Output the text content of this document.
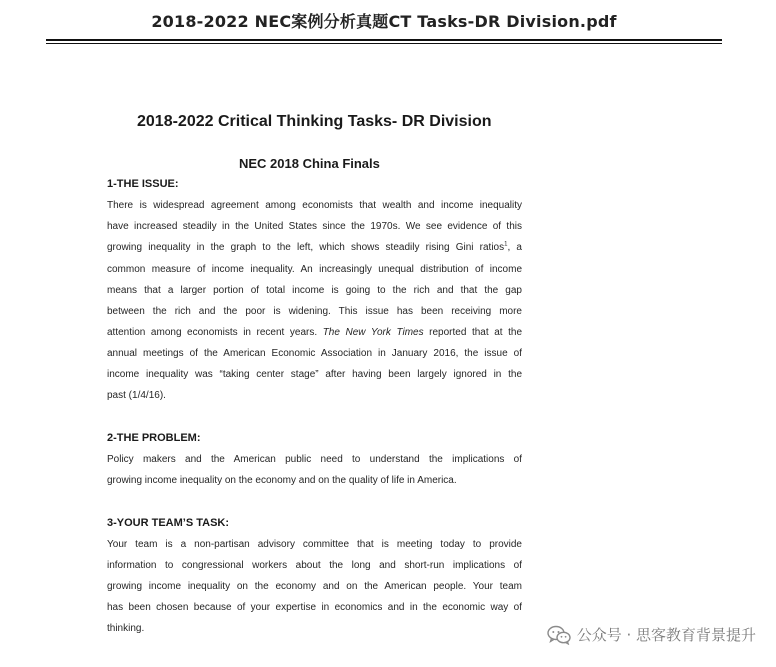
2018-2022 NEC案例分析真题CT Tasks-DR Division.pdf
2018-2022 Critical Thinking Tasks- DR Division
NEC 2018 China Finals
1-THE ISSUE:
There is widespread agreement among economists that wealth and income inequality
have increased steadily in the United States since the 1970s. We see evidence of this
growing inequality in the graph to the left, which shows steadily rising Gini ratios$^1$, a
common measure of income inequality. An increasingly unequal distribution of income
means that a larger portion of total income is going to the rich and that the gap
between the rich and the poor is widening. This issue has been receiving more
attention among economists in recent years. The New York Times reported that at the
annual meetings of the American Economic Association in January 2016, the issue of
income inequality was “taking center stage” after having been largely ignored in the
past (1/4/16).
2-THE PROBLEM:
Policy makers and the American public need to understand the implications of
growing income inequality on the economy and on the quality of life in America.
3-YOUR TEAM’S TASK:
Your team is a non-partisan advisory committee that is meeting today to provide
information to congressional workers about the long and short-run implications of
growing income inequality on the economy and on the American people. Your team
has been chosen because of your expertise in economics and in the economic way of
thinking.	公众号 · 思客教育背景提升
